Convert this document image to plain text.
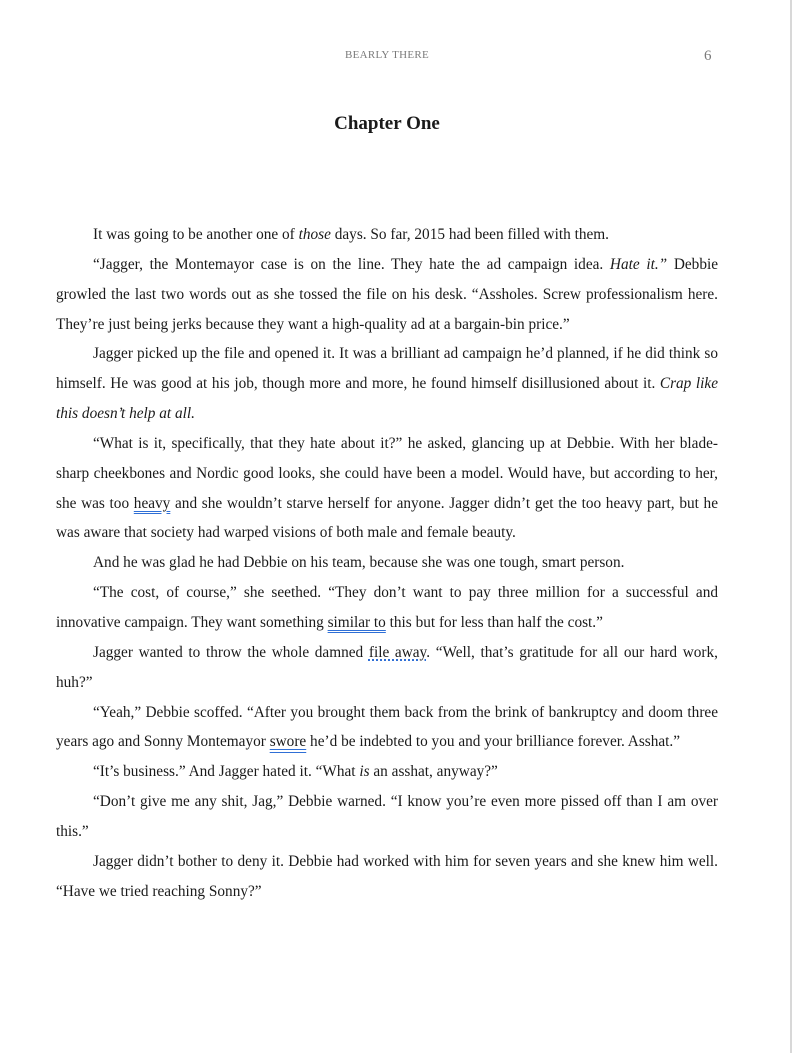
BEARLY THERE	6
Chapter One

It was going to be another one of those days. So far, 2015 had been filled with them.

“Jagger, the Montemayor case is on the line. They hate the ad campaign idea. Hate it.” Debbie growled the last two words out as she tossed the file on his desk. “Assholes. Screw professionalism here. They’re just being jerks because they want a high-quality ad at a bargain-bin price.”

Jagger picked up the file and opened it. It was a brilliant ad campaign he’d planned, if he did think so himself. He was good at his job, though more and more, he found himself disillusioned about it. Crap like this doesn’t help at all.

“What is it, specifically, that they hate about it?” he asked, glancing up at Debbie. With her blade-sharp cheekbones and Nordic good looks, she could have been a model. Would have, but according to her, she was too heavy and she wouldn’t starve herself for anyone. Jagger didn’t get the too heavy part, but he was aware that society had warped visions of both male and female beauty.

And he was glad he had Debbie on his team, because she was one tough, smart person.

“The cost, of course,” she seethed. “They don’t want to pay three million for a successful and innovative campaign. They want something similar to this but for less than half the cost.”

Jagger wanted to throw the whole damned file away. “Well, that’s gratitude for all our hard work, huh?”

“Yeah,” Debbie scoffed. “After you brought them back from the brink of bankruptcy and doom three years ago and Sonny Montemayor swore he’d be indebted to you and your brilliance forever. Asshat.”

“It’s business.” And Jagger hated it. “What is an asshat, anyway?”

“Don’t give me any shit, Jag,” Debbie warned. “I know you’re even more pissed off than I am over this.”

Jagger didn’t bother to deny it. Debbie had worked with him for seven years and she knew him well. “Have we tried reaching Sonny?”
